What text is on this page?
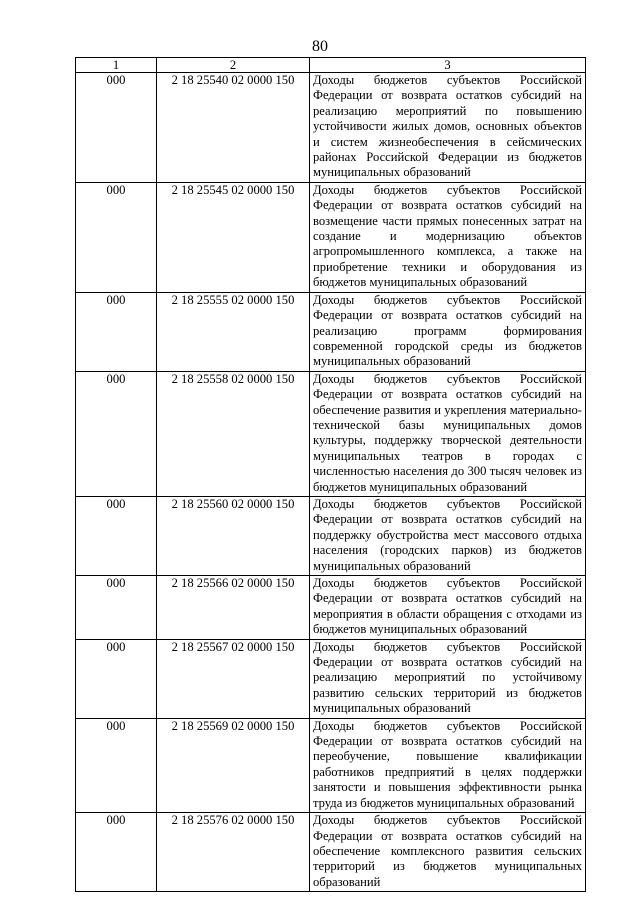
80
1	2	3
000	2 18 25540 02 0000 150	Доходы бюджетов субъектов Российской Федерации от возврата остатков субсидий на реализацию мероприятий по повышению устойчивости жилых домов, основных объектов и систем жизнеобеспечения в сейсмических районах Российской Федерации из бюджетов муниципальных образований
000	2 18 25545 02 0000 150	Доходы бюджетов субъектов Российской Федерации от возврата остатков субсидий на возмещение части прямых понесенных затрат на создание и модернизацию объектов агропромышленного комплекса, а также на приобретение техники и оборудования из бюджетов муниципальных образований
000	2 18 25555 02 0000 150	Доходы бюджетов субъектов Российской Федерации от возврата остатков субсидий на реализацию программ формирования современной городской среды из бюджетов муниципальных образований
000	2 18 25558 02 0000 150	Доходы бюджетов субъектов Российской Федерации от возврата остатков субсидий на обеспечение развития и укрепления материально-технической базы муниципальных домов культуры, поддержку творческой деятельности муниципальных театров в городах с численностью населения до 300 тысяч человек из бюджетов муниципальных образований
000	2 18 25560 02 0000 150	Доходы бюджетов субъектов Российской Федерации от возврата остатков субсидий на поддержку обустройства мест массового отдыха населения (городских парков) из бюджетов муниципальных образований
000	2 18 25566 02 0000 150	Доходы бюджетов субъектов Российской Федерации от возврата остатков субсидий на мероприятия в области обращения с отходами из бюджетов муниципальных образований
000	2 18 25567 02 0000 150	Доходы бюджетов субъектов Российской Федерации от возврата остатков субсидий на реализацию мероприятий по устойчивому развитию сельских территорий из бюджетов муниципальных образований
000	2 18 25569 02 0000 150	Доходы бюджетов субъектов Российской Федерации от возврата остатков субсидий на переобучение, повышение квалификации работников предприятий в целях поддержки занятости и повышения эффективности рынка труда из бюджетов муниципальных образований
000	2 18 25576 02 0000 150	Доходы бюджетов субъектов Российской Федерации от возврата остатков субсидий на обеспечение комплексного развития сельских территорий из бюджетов муниципальных образований
